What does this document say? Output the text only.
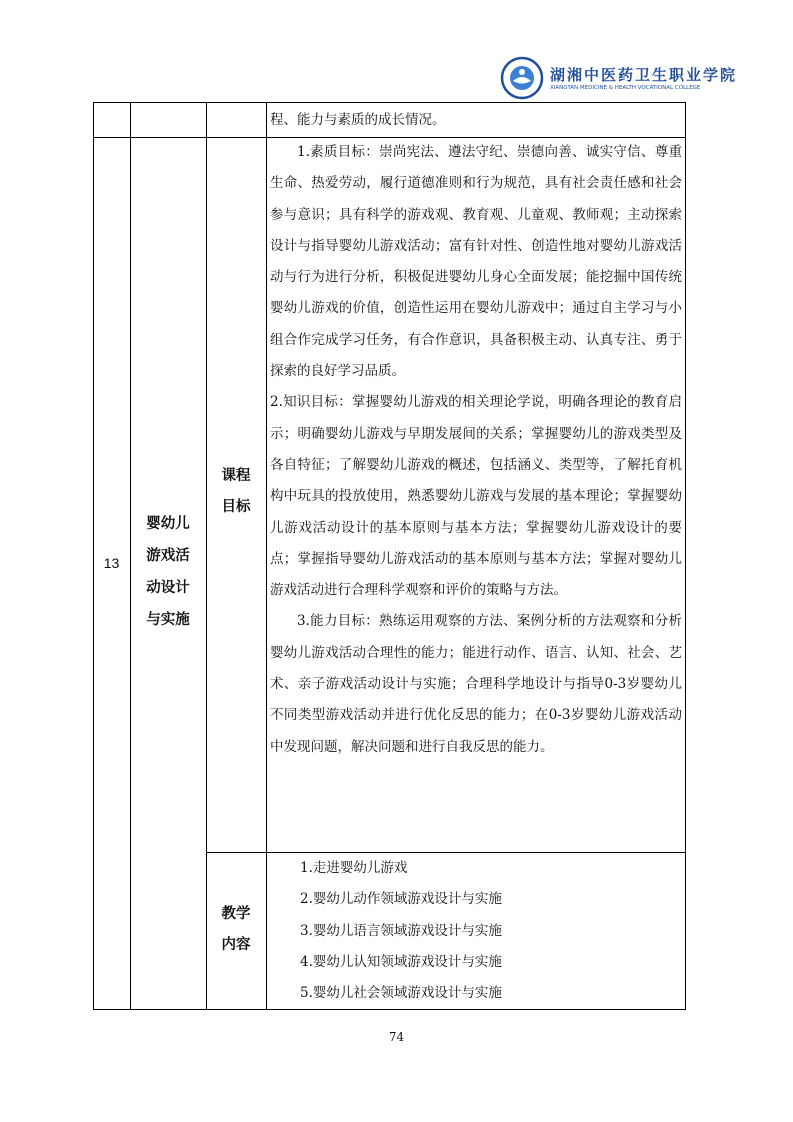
湖湘中医药卫生职业学院
XIANGTAN MEDICINE & HEALTH VOCATIONAL COLLEGE
程、能力与素质的成长情况。
13
婴幼儿
游戏活
动设计
与实施
课程
目标

1.素质目标：崇尚宪法、遵法守纪、崇德向善、诚实守信、尊重生命、热爱劳动，履行道德准则和行为规范，具有社会责任感和社会参与意识；具有科学的游戏观、教育观、儿童观、教师观；主动探索设计与指导婴幼儿游戏活动；富有针对性、创造性地对婴幼儿游戏活动与行为进行分析，积极促进婴幼儿身心全面发展；能挖掘中国传统婴幼儿游戏的价值，创造性运用在婴幼儿游戏中；通过自主学习与小组合作完成学习任务，有合作意识，具备积极主动、认真专注、勇于探索的良好学习品质。

2.知识目标：掌握婴幼儿游戏的相关理论学说，明确各理论的教育启示；明确婴幼儿游戏与早期发展间的关系；掌握婴幼儿的游戏类型及各自特征；了解婴幼儿游戏的概述，包括涵义、类型等，了解托育机构中玩具的投放使用，熟悉婴幼儿游戏与发展的基本理论；掌握婴幼儿游戏活动设计的基本原则与基本方法；掌握婴幼儿游戏设计的要点；掌握指导婴幼儿游戏活动的基本原则与基本方法；掌握对婴幼儿游戏活动进行合理科学观察和评价的策略与方法。

3.能力目标：熟练运用观察的方法、案例分析的方法观察和分析婴幼儿游戏活动合理性的能力；能进行动作、语言、认知、社会、艺术、亲子游戏活动设计与实施；合理科学地设计与指导0-3岁婴幼儿不同类型游戏活动并进行优化反思的能力；在0-3岁婴幼儿游戏活动中发现问题，解决问题和进行自我反思的能力。

教学
内容
1.走进婴幼儿游戏
2.婴幼儿动作领域游戏设计与实施
3.婴幼儿语言领域游戏设计与实施
4.婴幼儿认知领域游戏设计与实施
5.婴幼儿社会领域游戏设计与实施
74
